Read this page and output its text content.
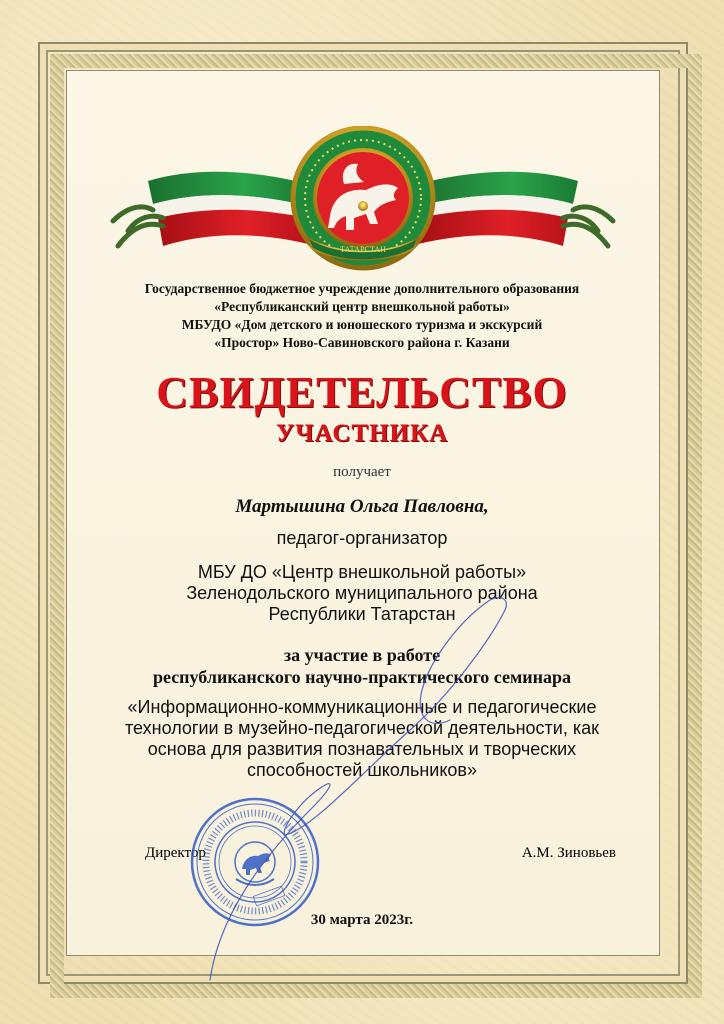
ТАТАРСТАН
Государственное бюджетное учреждение дополнительного образования
«Республиканский центр внешкольной работы»
МБУДО «Дом детского и юношеского туризма и экскурсий
«Простор» Ново-Савиновского района г. Казани
СВИДЕТЕЛЬСТВО
УЧАСТНИКА
получает
Мартышина Ольга Павловна,
педагог-организатор
МБУ ДО «Центр внешкольной работы»
Зеленодольского муниципального района
Республики Татарстан
за участие в работе
республиканского научно-практического семинара
«Информационно-коммуникационные и педагогические
технологии в музейно-педагогической деятельности, как
основа для развития познавательных и творческих
способностей школьников»
Директор	А.М. Зиновьев
30 марта 2023г.
